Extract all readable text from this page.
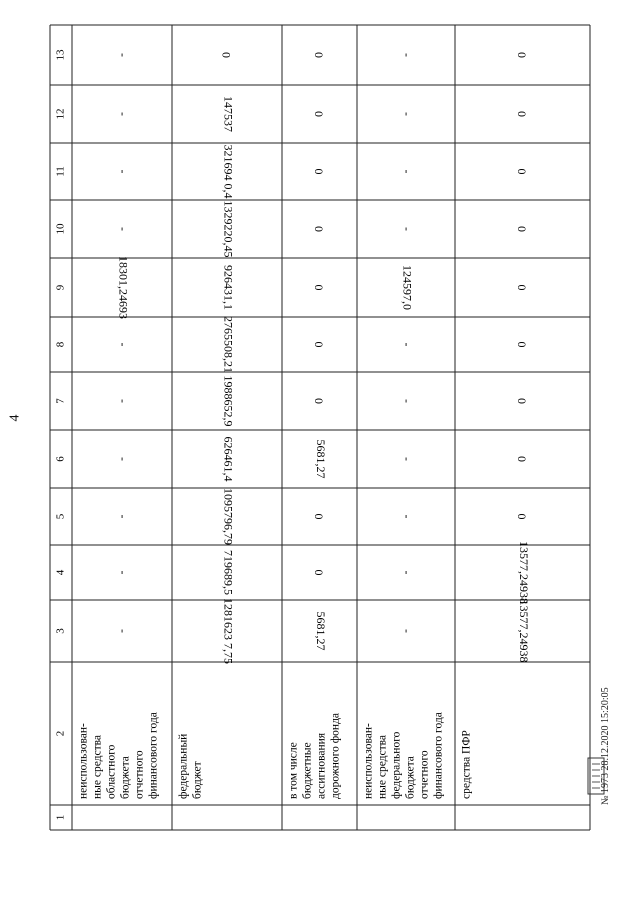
4
1
2
3
4
5
6
7
8
9
10
11
12
13
неиспользован- ные средства областного бюджета отчетного финансового года
-
-
-
-
-
-
18301,24693
-
-
-
-
федеральный бюджет
1281623 7,75
719689,5
1095796,79
626461,4
1988652,9
2765508,21
926431,1
1329220,45
321694 0,4
147537
0
в том числе бюджетные ассигнования дорожного фонда
5681,27
0
0
5681,27
0
0
0
0
0
0
0
неиспользован- ные средства федерального бюджета отчетного финансового года
-
-
-
-
-
-
124597,0
-
-
-
-
средства ПФР
13577,24938
13577,24938
0
0
0
0
0
0
0
0
0
№ 1973 28.12.2020 15:20:05
